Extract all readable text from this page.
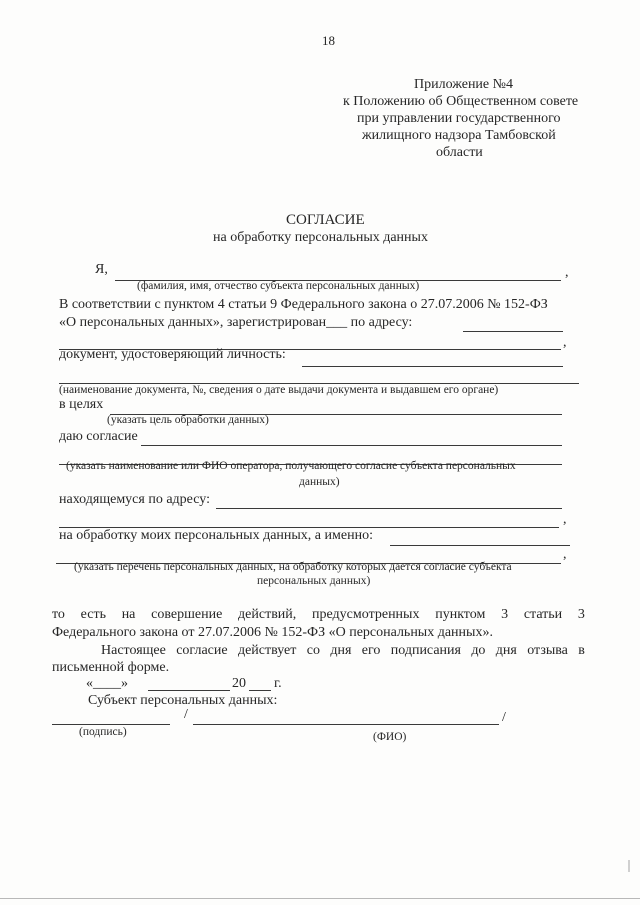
18
Приложение №4
к Положению об Общественном совете
при управлении государственного
жилищного надзора Тамбовской
области
СОГЛАСИЕ
на обработку персональных данных
Я,	,
(фамилия, имя, отчество субъекта персональных данных)
В соответствии с пунктом 4 статьи 9 Федерального закона о 27.07.2006 № 152-ФЗ
«О персональных данных», зарегистрирован___ по адресу:
,
документ, удостоверяющий личность:
(наименование документа, №, сведения о дате выдачи документа и выдавшем его органе)
в целях
(указать цель обработки данных)
даю согласие
(указать наименование или ФИО оператора, получающего согласие субъекта персональных
данных)
находящемуся по адресу:
,
на обработку моих персональных данных, а именно:
,
(указать перечень персональных данных, на обработку которых дается согласие субъекта
персональных данных)
то есть на совершение действий, предусмотренных пунктом 3 статьи 3
Федерального закона от 27.07.2006 № 152-ФЗ «О персональных данных».
Настоящее согласие действует со дня его подписания до дня отзыва в
письменной форме.
«____»	20 г.
Субъект персональных данных:
/	/
(подпись)	(ФИО)
